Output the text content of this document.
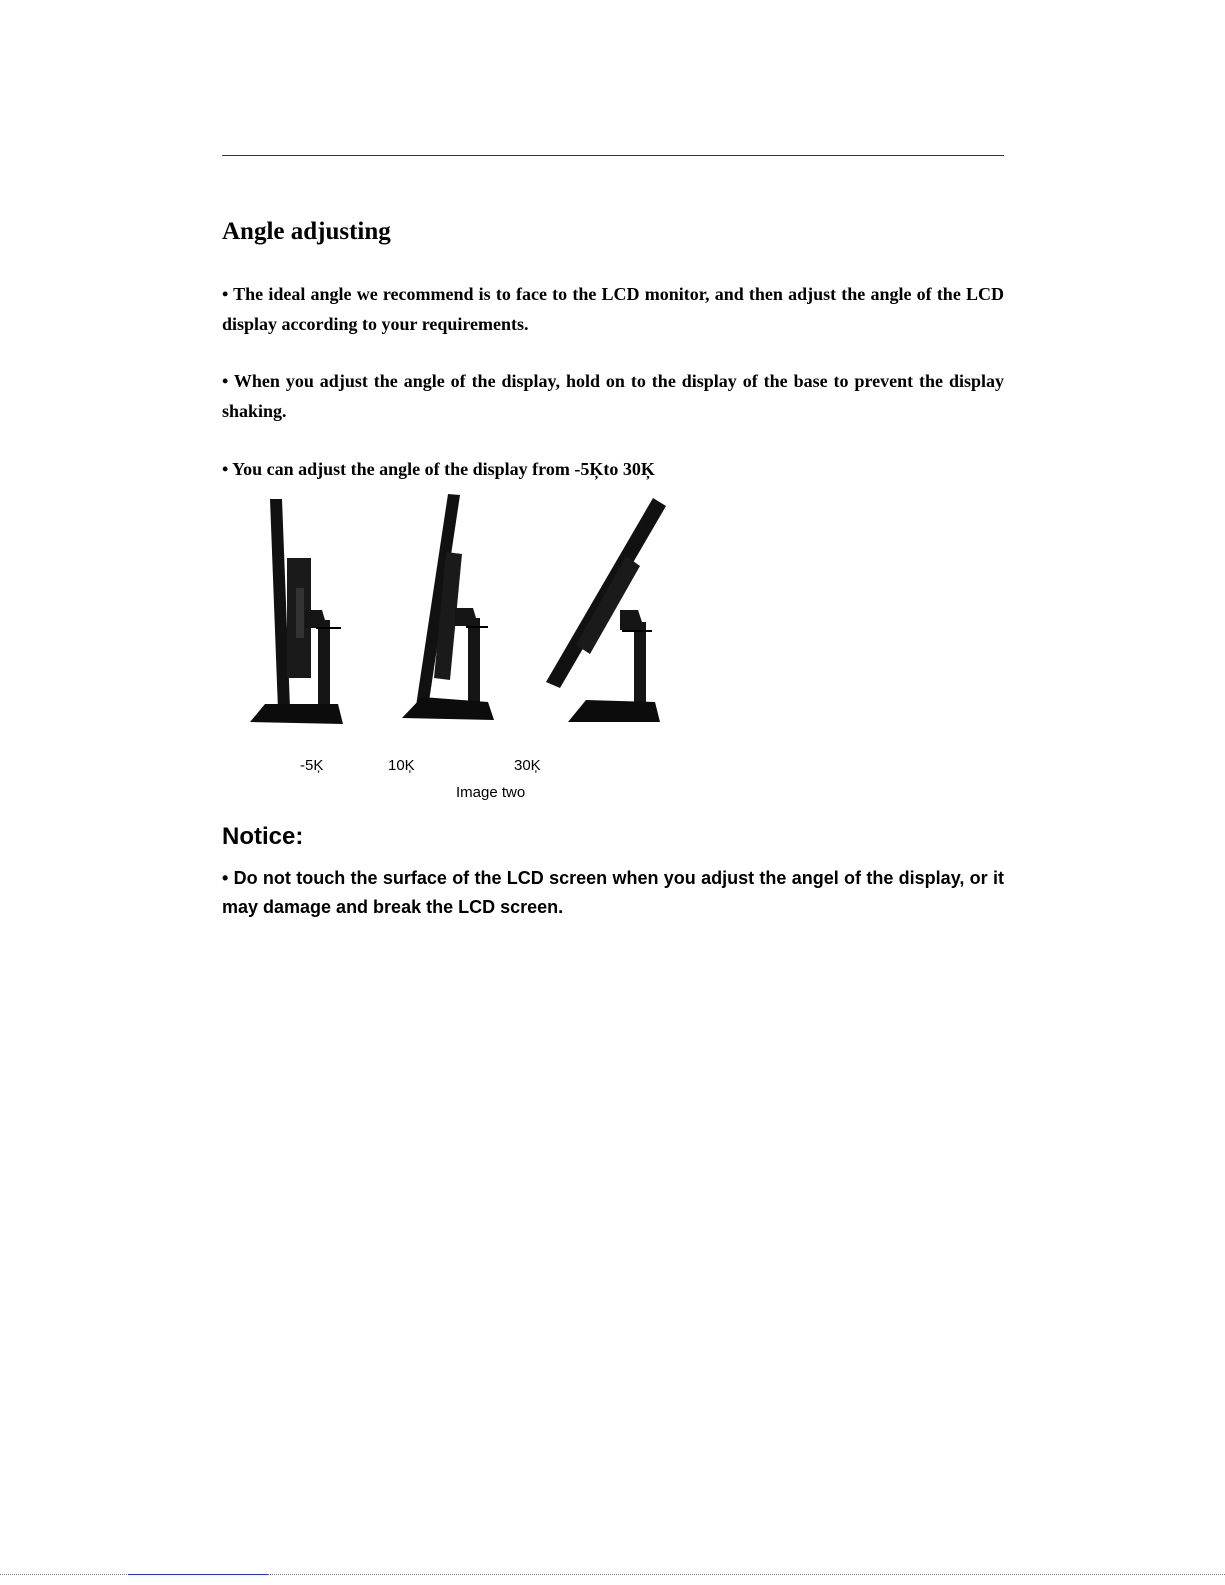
Angle adjusting

• The ideal angle we recommend is to face to the LCD monitor, and then adjust the angle of the LCD display according to your requirements.

• When you adjust the angle of the display, hold on to the display of the base to prevent the display shaking.

• You can adjust the angle of the display from -5Ķto 30Ķ

-5Ķ	10Ķ	30Ķ

Image two

Notice:

• Do not touch the surface of the LCD screen when you adjust the angel of the display, or it may damage and break the LCD screen.
